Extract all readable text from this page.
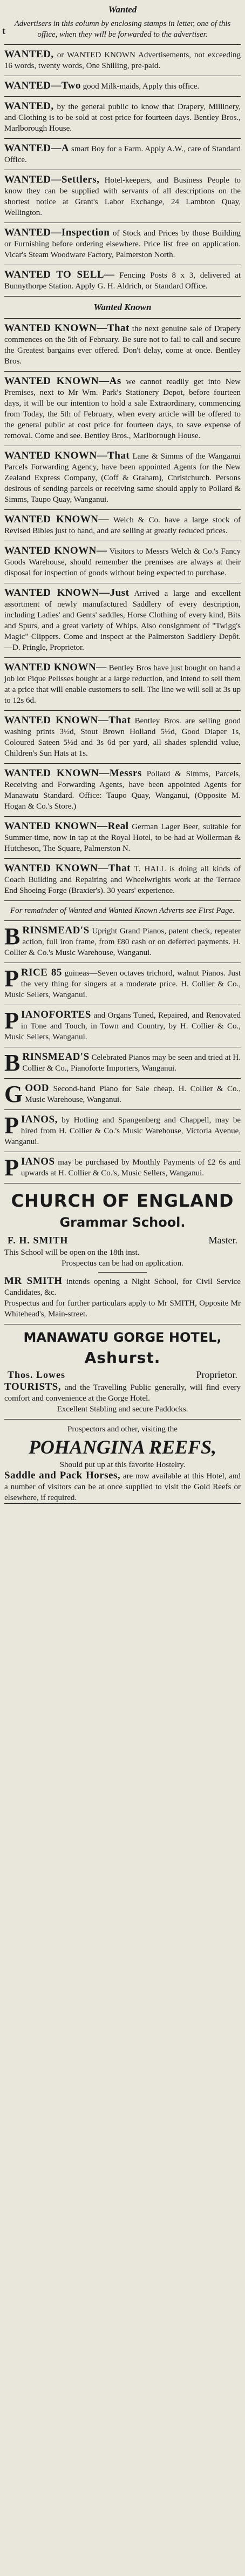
t
Wanted
Advertisers in this column by enclosing stamps in letter, one of this office, when they will be forwarded to the advertiser.

WANTED, or WANTED KNOWN Advertisements, not exceeding 16 words, twenty words, One Shilling, pre-paid.

WANTED—Two good Milk-maids, Apply this office.

WANTED, by the general public to know that Drapery, Millinery, and Clothing is to be sold at cost price for fourteen days. Bentley Bros., Marlborough House.

WANTED—A smart Boy for a Farm. Apply A.W., care of Standard Office.

WANTED—Settlers, Hotel-keepers, and Business People to know they can be supplied with servants of all descriptions on the shortest notice at Grant's Labor Exchange, 24 Lambton Quay, Wellington.

WANTED—Inspection of Stock and Prices by those Building or Furnishing before ordering elsewhere. Price list free on application. Vicar's Steam Woodware Factory, Palmerston North.

WANTED TO SELL— Fencing Posts 8 x 3, delivered at Bunnythorpe Station. Apply G. H. Aldrich, or Standard Office.

Wanted Known

WANTED KNOWN—That the next genuine sale of Drapery commences on the 5th of February. Be sure not to fail to call and secure the Greatest bargains ever offered. Don't delay, come at once. Bentley Bros.

WANTED KNOWN—As we cannot readily get into New Premises, next to Mr Wm. Park's Stationery Depot, before fourteen days, it will be our intention to hold a sale Extraordinary, commencing from Today, the 5th of February, when every article will be offered to the general public at cost price for fourteen days, to save expense of removal. Come and see. Bentley Bros., Marlborough House.

WANTED KNOWN—That Lane & Simms of the Wanganui Parcels Forwarding Agency, have been appointed Agents for the New Zealand Express Company, (Coff & Graham), Christchurch. Persons desirous of sending parcels or receiving same should apply to Pollard & Simms, Taupo Quay, Wanganui.

WANTED KNOWN— Welch & Co. have a large stock of Revised Bibles just to hand, and are selling at greatly reduced prices.

WANTED KNOWN— Visitors to Messrs Welch & Co.'s Fancy Goods Warehouse, should remember the premises are always at their disposal for inspection of goods without being expected to purchase.

WANTED KNOWN—Just Arrived a large and excellent assortment of newly manufactured Saddlery of every description, including Ladies' and Gents' saddles, Horse Clothing of every kind, Bits and Spurs, and a great variety of Whips. Also consignment of "Twigg's Magic" Clippers. Come and inspect at the Palmerston Saddlery Depôt.—D. Pringle, Proprietor.

WANTED KNOWN— Bentley Bros have just bought on hand a job lot Pique Pelisses bought at a large reduction, and intend to sell them at a price that will enable customers to sell. The line we will sell at 3s up to 12s 6d.

WANTED KNOWN—That Bentley Bros. are selling good washing prints 3½d, Stout Brown Holland 5½d, Good Diaper 1s, Coloured Sateen 5½d and 3s 6d per yard, all shades splendid value, Children's Sun Hats at 1s.

WANTED KNOWN—Messrs Pollard & Simms, Parcels, Receiving and Forwarding Agents, have been appointed Agents for Manawatu Standard. Office: Taupo Quay, Wanganui, (Opposite M. Hogan & Co.'s Store.)

WANTED KNOWN—Real German Lager Beer, suitable for Summer-time, now in tap at the Royal Hotel, to be had at Wollerman & Hutcheson, The Square, Palmerston N.

WANTED KNOWN—That T. HALL is doing all kinds of Coach Building and Repairing and Wheelwrights work at the Terrace End Shoeing Forge (Braxier's). 30 years' experience.

For remainder of Wanted and Wanted Known Adverts see First Page.

B RINSMEAD'S Upright Grand Pianos, patent check, repeater action, full iron frame, from £80 cash or on deferred payments. H. Collier & Co.'s Music Warehouse, Wanganui.

P RICE 85 guineas—Seven octaves trichord, walnut Pianos. Just the very thing for singers at a moderate price. H. Collier & Co., Music Sellers, Wanganui.

P IANOFORTES and Organs Tuned, Repaired, and Renovated in Tone and Touch, in Town and Country, by H. Collier & Co., Music Sellers, Wanganui.

B RINSMEAD'S Celebrated Pianos may be seen and tried at H. Collier & Co., Pianoforte Importers, Wanganui.

G OOD Second-hand Piano for Sale cheap. H. Collier & Co., Music Warehouse, Wanganui.

P IANOS, by Hotling and Spangenberg and Chappell, may be hired from H. Collier & Co.'s Music Warehouse, Victoria Avenue, Wanganui.

P IANOS may be purchased by Monthly Payments of £2 6s and upwards at H. Collier & Co.'s, Music Sellers, Wanganui.

CHURCH OF ENGLAND
Grammar School.
F. H. SMITH	Master.

This School will be open on the 18th inst.

Prospectus can be had on application.

MR SMITH intends opening a Night School, for Civil Service Candidates, &c.

Prospectus and for further particulars apply to Mr SMITH, Opposite Mr Whitehead's, Main-street.

MANAWATU GORGE HOTEL,
Ashurst.
Thos. Lowes	Proprietor.

TOURISTS, and the Travelling Public generally, will find every comfort and convenience at the Gorge Hotel.

Excellent Stabling and secure Paddocks.

Prospectors and other, visiting the

POHANGINA REEFS,

Should put up at this favorite Hostelry.

Saddle and Pack Horses, are now available at this Hotel, and a number of visitors can be at once supplied to visit the Gold Reefs or elsewhere, if required.
